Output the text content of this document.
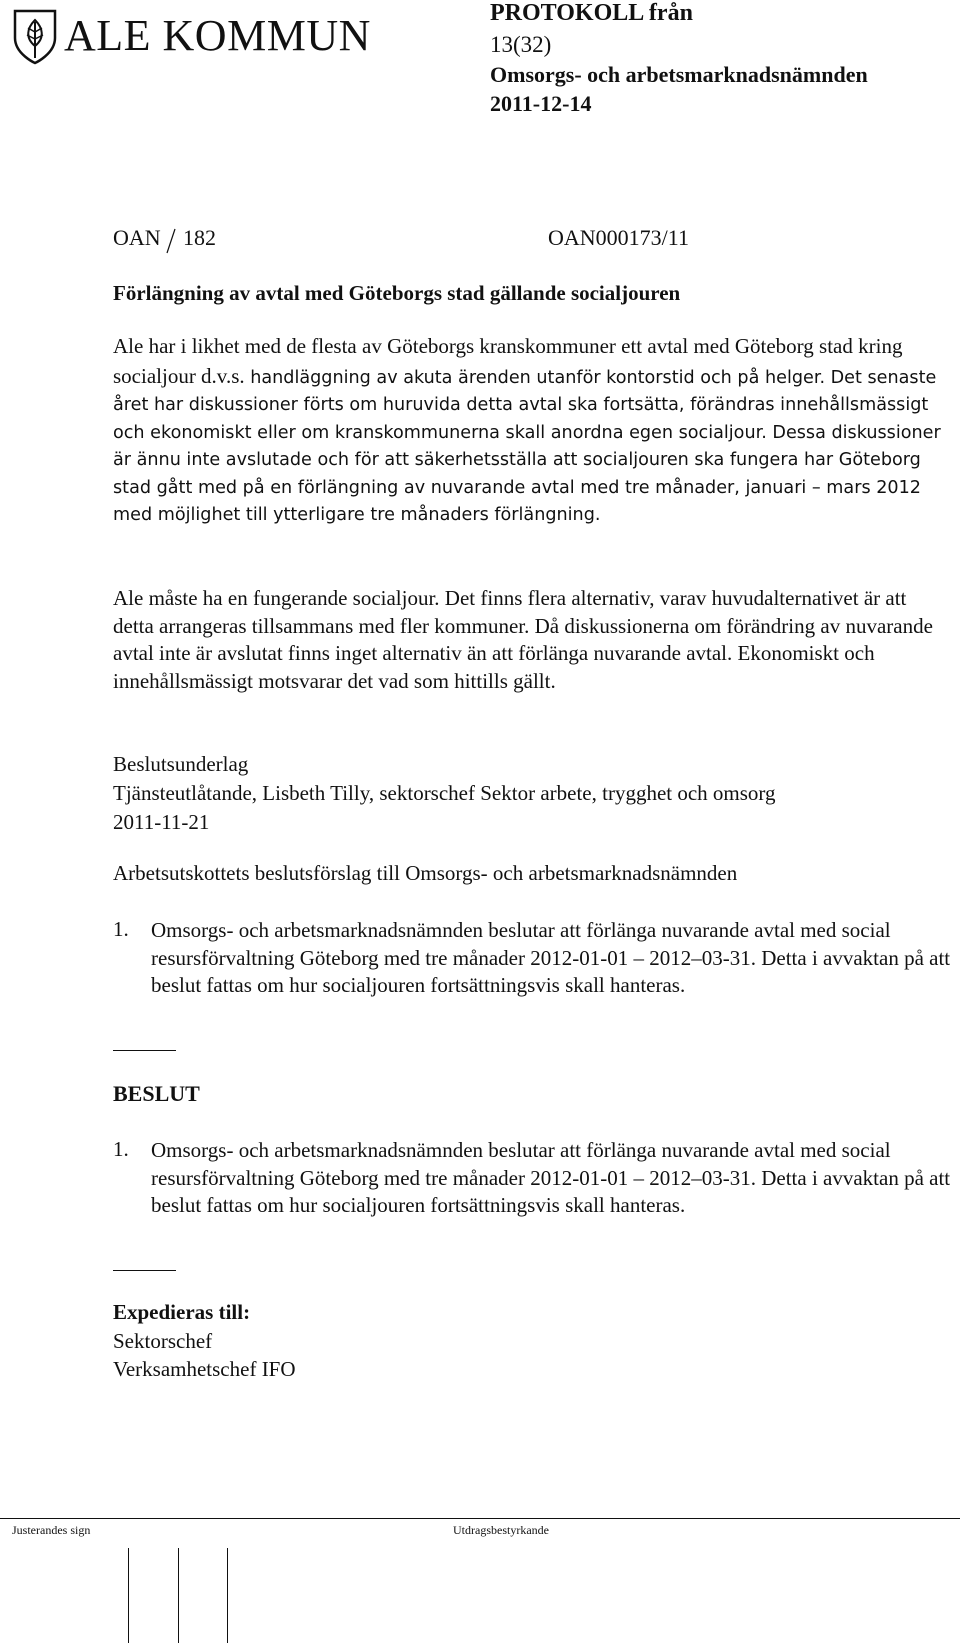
ALE KOMMUN	PROTOKOLL från
13(32)
Omsorgs- och arbetsmarknadsnämnden
2011-12-14
OAN 182	OAN000173/11
Förlängning av avtal med Göteborgs stad gällande socialjouren

Ale har i likhet med de flesta av Göteborgs kranskommuner ett avtal med Göteborg stad kring socialjour d.v.s. handläggning av akuta ärenden utanför kontorstid och på helger. Det senaste året har diskussioner förts om huruvida detta avtal ska fortsätta, förändras innehållsmässigt och ekonomiskt eller om kranskommunerna skall anordna egen socialjour. Dessa diskussioner är ännu inte avslutade och för att säkerhetsställa att socialjouren ska fungera har Göteborg stad gått med på en förlängning av nuvarande avtal med tre månader, januari – mars 2012 med möjlighet till ytterligare tre månaders förlängning.

Ale måste ha en fungerande socialjour. Det finns flera alternativ, varav huvudalternativet är att detta arrangeras tillsammans med fler kommuner. Då diskussionerna om förändring av nuvarande avtal inte är avslutat finns inget alternativ än att förlänga nuvarande avtal. Ekonomiskt och innehållsmässigt motsvarar det vad som hittills gällt.

Beslutsunderlag
Tjänsteutlåtande, Lisbeth Tilly, sektorschef Sektor arbete, trygghet och omsorg
2011-11-21
Arbetsutskottets beslutsförslag till Omsorgs- och arbetsmarknadsnämnden
1. Omsorgs- och arbetsmarknadsnämnden beslutar att förlänga nuvarande avtal med social resursförvaltning Göteborg med tre månader 2012-01-01 – 2012–03-31. Detta i avvaktan på att beslut fattas om hur socialjouren fortsättningsvis skall hanteras.

BESLUT
1. Omsorgs- och arbetsmarknadsnämnden beslutar att förlänga nuvarande avtal med social resursförvaltning Göteborg med tre månader 2012-01-01 – 2012–03-31. Detta i avvaktan på att beslut fattas om hur socialjouren fortsättningsvis skall hanteras.

Expedieras till:
Sektorschef
Verksamhetschef IFO
Justerandes sign	Utdragsbestyrkande
